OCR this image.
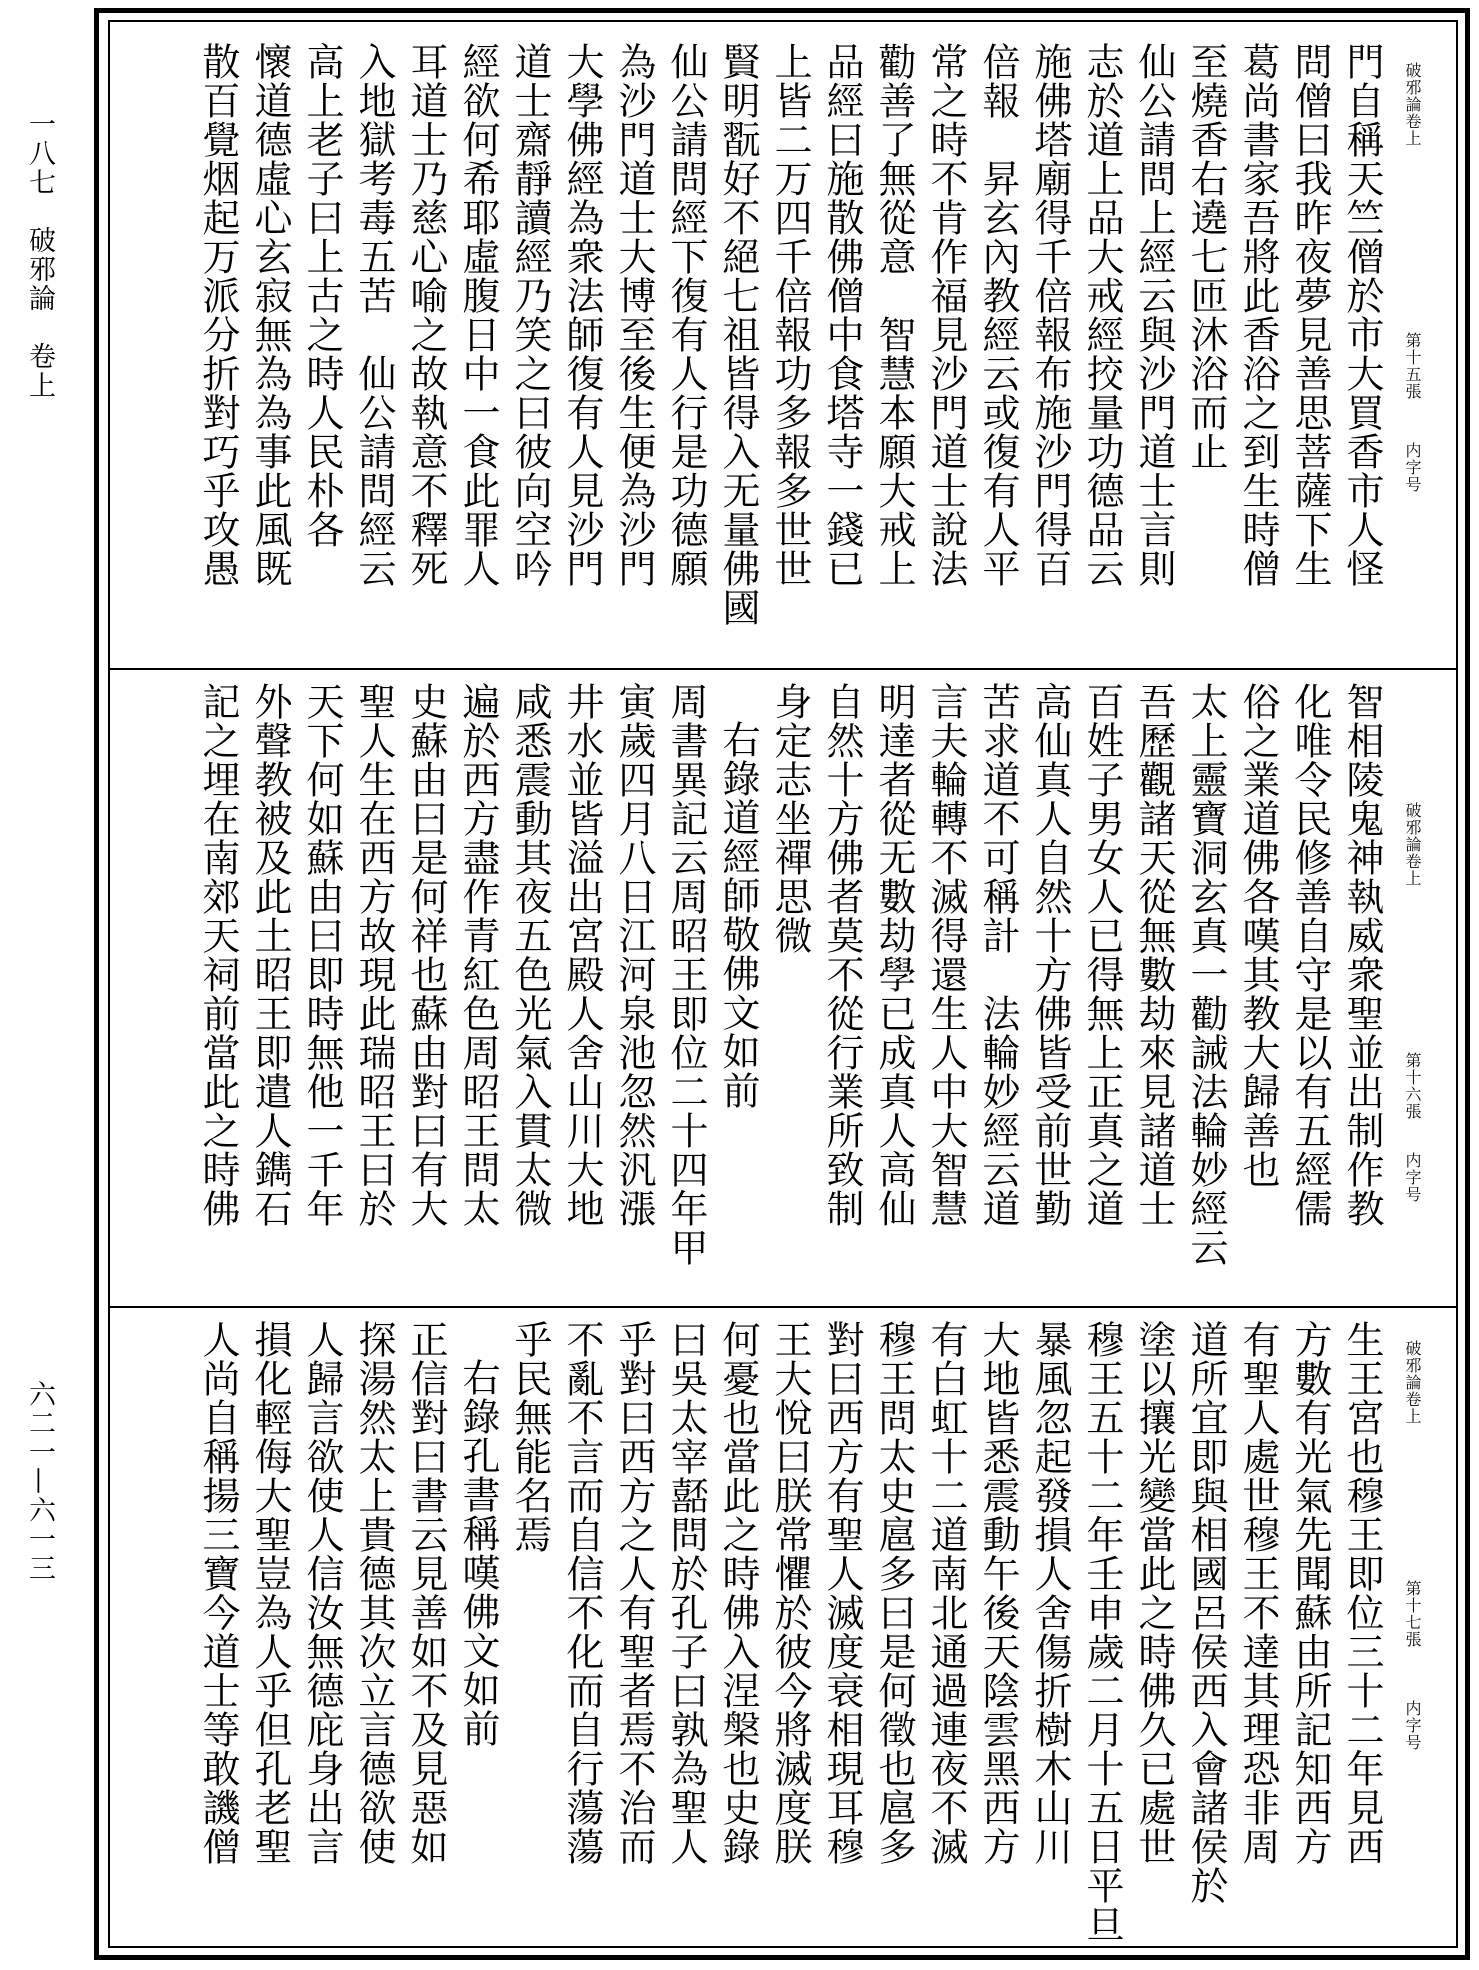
一八七　破邪論　卷上
六二一—六一三
破邪論卷上
第十五張
内字号
門自稱天竺僧於市大買香市人怪
問僧曰我昨夜夢見善思菩薩下生
葛尚書家吾將此香浴之到生時僧
至燒香右遶七匝沐浴而止
仙公請問上經云與沙門道士言則
志於道上品大戒經挍量功德品云
施佛塔廟得千倍報布施沙門得百
倍報　昇玄內教經云或復有人平
常之時不肯作福見沙門道士說法
勸善了無從意　智慧本願大戒上
品經曰施散佛僧中食塔寺一錢已
上皆二万四千倍報功多報多世世
賢明翫好不絕七祖皆得入无量佛國
仙公請問經下復有人行是功德願
為沙門道士大博至後生便為沙門
大學佛經為衆法師復有人見沙門
道士齋靜讀經乃笑之曰彼向空吟
經欲何希耶虛腹日中一食此罪人
耳道士乃慈心喻之故執意不釋死
入地獄考毒五苦　仙公請問經云
高上老子曰上古之時人民朴各
懷道德虛心玄寂無為為事此風既
散百覺烟起万派分折對巧乎攻愚
破邪論卷上
第十六張
内字号
智相陵鬼神執威衆聖並出制作教
化唯令民修善自守是以有五經儒
俗之業道佛各嘆其教大歸善也
太上靈寶洞玄真一勸誡法輪妙經云
吾歷觀諸天從無數劫來見諸道士
百姓子男女人已得無上正真之道
高仙真人自然十方佛皆受前世勤
苦求道不可稱計　法輪妙經云道
言夫輪轉不滅得還生人中大智慧
明達者從无數劫學已成真人高仙
自然十方佛者莫不從行業所致制
身定志坐禪思微
右錄道經師敬佛文如前
周書異記云周昭王即位二十四年甲
寅歲四月八日江河泉池忽然汎漲
井水並皆溢出宮殿人舍山川大地
咸悉震動其夜五色光氣入貫太微
遍於西方盡作青紅色周昭王問太
史蘇由曰是何祥也蘇由對曰有大
聖人生在西方故現此瑞昭王曰於
天下何如蘇由曰即時無他一千年
外聲教被及此土昭王即遣人鐫石
記之埋在南郊天祠前當此之時佛
破邪論卷上
第十七張
内字号
生王宮也穆王即位三十二年見西
方數有光氣先聞蘇由所記知西方
有聖人處世穆王不達其理恐非周
道所宜即與相國呂侯西入會諸侯於
塗以攘光變當此之時佛久已處世
穆王五十二年壬申歲二月十五日平旦
暴風忽起發損人舍傷折樹木山川
大地皆悉震動午後天陰雲黑西方
有白虹十二道南北通過連夜不滅
穆王問太史扈多曰是何徵也扈多
對曰西方有聖人滅度衰相現耳穆
王大悅曰朕常懼於彼今將滅度朕
何憂也當此之時佛入涅槃也史錄
曰吳太宰嚭問於孔子曰孰為聖人
乎對曰西方之人有聖者焉不治而
不亂不言而自信不化而自行蕩蕩
乎民無能名焉
右錄孔書稱嘆佛文如前
正信對曰書云見善如不及見惡如
探湯然太上貴德其次立言德欲使
人歸言欲使人信汝無德庇身出言
損化輕侮大聖豈為人乎但孔老聖
人尚自稱揚三寶今道士等敢譏僧
